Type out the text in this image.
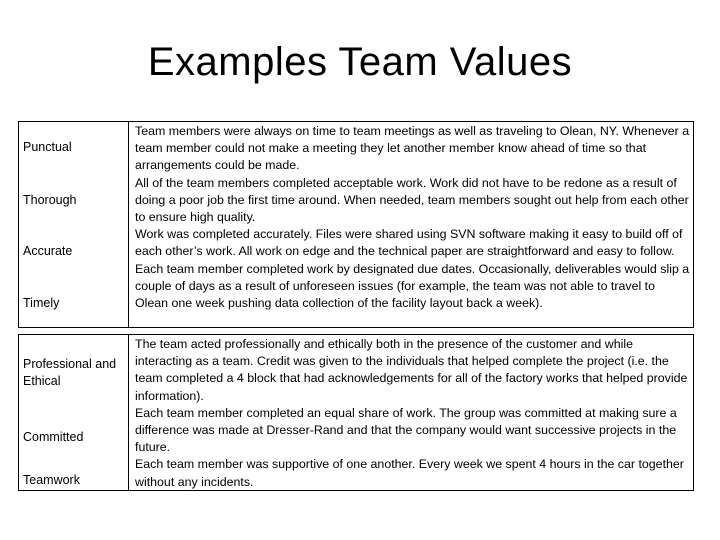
Examples Team Values
Punctual
Thorough
Accurate
Timely

Team members were always on time to team meetings as well as traveling to Olean, NY. Whenever a team member could not make a meeting they let another member know ahead of time so that arrangements could be made.

All of the team members completed acceptable work. Work did not have to be redone as a result of doing a poor job the first time around. When needed, team members sought out help from each other to ensure high quality.

Work was completed accurately. Files were shared using SVN software making it easy to build off of each other’s work. All work on edge and the technical paper are straightforward and easy to follow.

Each team member completed work by designated due dates. Occasionally, deliverables would slip a couple of days as a result of unforeseen issues (for example, the team was not able to travel to Olean one week pushing data collection of the facility layout back a week).

Professional and Ethical
Committed
Teamwork

The team acted professionally and ethically both in the presence of the customer and while interacting as a team. Credit was given to the individuals that helped complete the project (i.e. the team completed a 4 block that had acknowledgements for all of the factory works that helped provide information).

Each team member completed an equal share of work. The group was committed at making sure a difference was made at Dresser-Rand and that the company would want successive projects in the future.

Each team member was supportive of one another. Every week we spent 4 hours in the car together without any incidents.
